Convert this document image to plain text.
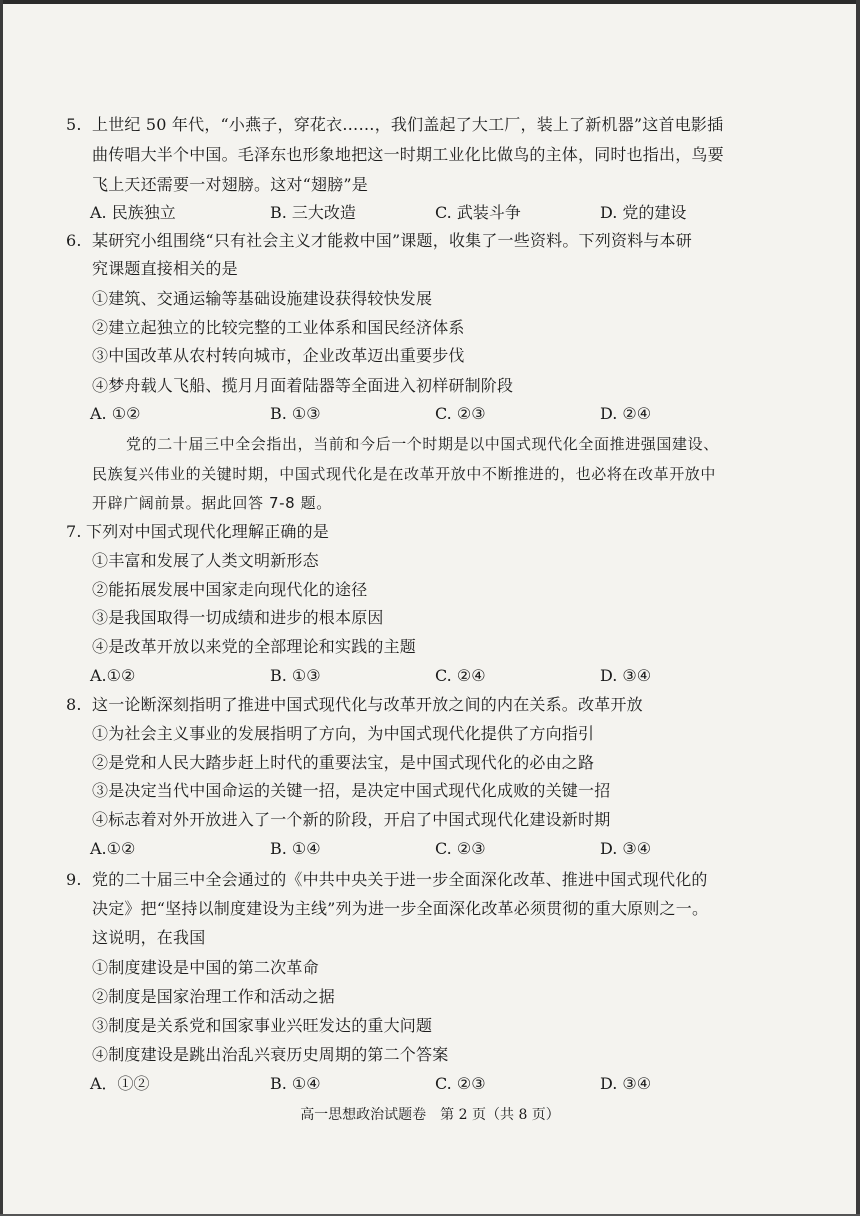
5. 上世纪 50 年代，“小燕子，穿花衣……，我们盖起了大工厂，装上了新机器”这首电影插
曲传唱大半个中国。毛泽东也形象地把这一时期工业化比做鸟的主体，同时也指出，鸟要
飞上天还需要一对翅膀。这对“翅膀”是
A. 民族独立	B. 三大改造	C. 武装斗争	D. 党的建设
6. 某研究小组围绕“只有社会主义才能救中国”课题，收集了一些资料。下列资料与本研
究课题直接相关的是
①建筑、交通运输等基础设施建设获得较快发展
②建立起独立的比较完整的工业体系和国民经济体系
③中国改革从农村转向城市，企业改革迈出重要步伐
④梦舟载人飞船、揽月月面着陆器等全面进入初样研制阶段
A. ①②	B. ①③	C. ②③	D. ②④
党的二十届三中全会指出，当前和今后一个时期是以中国式现代化全面推进强国建设、
民族复兴伟业的关键时期，中国式现代化是在改革开放中不断推进的，也必将在改革开放中
开辟广阔前景。据此回答 7-8 题。
7. 下列对中国式现代化理解正确的是
①丰富和发展了人类文明新形态
②能拓展发展中国家走向现代化的途径
③是我国取得一切成绩和进步的根本原因
④是改革开放以来党的全部理论和实践的主题
A.①②	B. ①③	C. ②④	D. ③④
8. 这一论断深刻指明了推进中国式现代化与改革开放之间的内在关系。改革开放
①为社会主义事业的发展指明了方向，为中国式现代化提供了方向指引
②是党和人民大踏步赶上时代的重要法宝，是中国式现代化的必由之路
③是决定当代中国命运的关键一招，是决定中国式现代化成败的关键一招
④标志着对外开放进入了一个新的阶段，开启了中国式现代化建设新时期
A.①②	B. ①④	C. ②③	D. ③④
9. 党的二十届三中全会通过的《中共中央关于进一步全面深化改革、推进中国式现代化的
决定》把“坚持以制度建设为主线”列为进一步全面深化改革必须贯彻的重大原则之一。
这说明，在我国
①制度建设是中国的第二次革命
②制度是国家治理工作和活动之据
③制度是关系党和国家事业兴旺发达的重大问题
④制度建设是跳出治乱兴衰历史周期的第二个答案
A．①②	B. ①④	C. ②③	D. ③④
高一思想政治试题卷　第 2 页（共 8 页）
